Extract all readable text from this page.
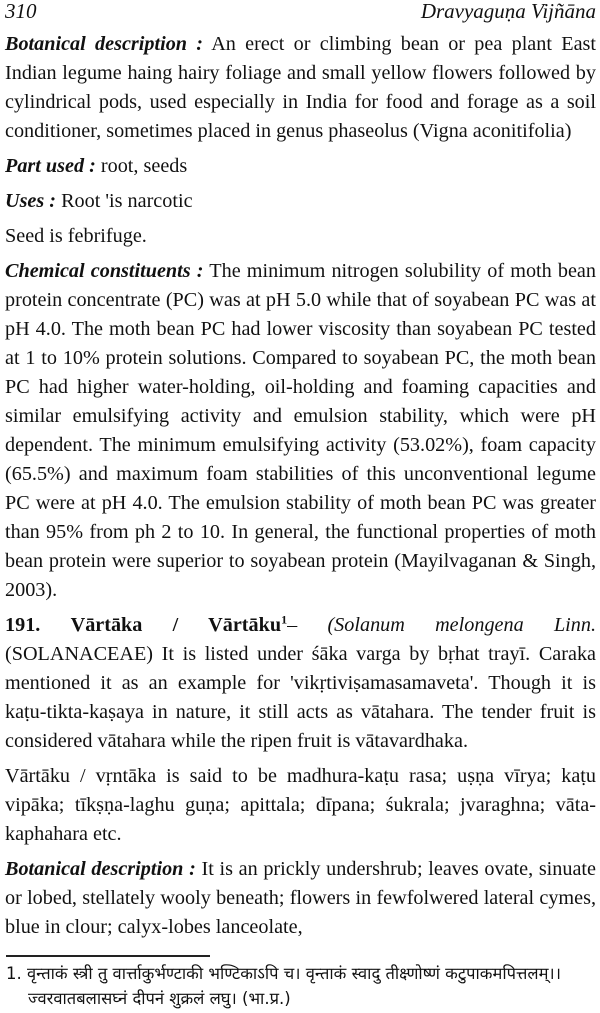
310	Dravyaguṇa Vijñāna

Botanical description : An erect or climbing bean or pea plant East Indian legume haing hairy foliage and small yellow flowers followed by cylindrical pods, used especially in India for food and forage as a soil conditioner, sometimes placed in genus phaseolus (Vigna aconitifolia)

Part used : root, seeds

Uses : Root 'is narcotic

Seed is febrifuge.

Chemical constituents : The minimum nitrogen solubility of moth bean protein concentrate (PC) was at pH 5.0 while that of soyabean PC was at pH 4.0. The moth bean PC had lower viscosity than soyabean PC tested at 1 to 10% protein solutions. Compared to soyabean PC, the moth bean PC had higher water-holding, oil-holding and foaming capacities and similar emulsifying activity and emulsion stability, which were pH dependent. The minimum emulsifying activity (53.02%), foam capacity (65.5%) and maximum foam stabilities of this unconventional legume PC were at pH 4.0. The emulsion stability of moth bean PC was greater than 95% from ph 2 to 10. In general, the functional properties of moth bean protein were superior to soyabean protein (Mayilvaganan & Singh, 2003).

191. Vārtāka / Vārtāku$^1$– (Solanum melongena Linn. (SOLANACEAE) It is listed under śāka varga by bṛhat trayī. Caraka mentioned it as an example for 'vikṛtiviṣamasamaveta'. Though it is kaṭu-tikta-kaṣaya in nature, it still acts as vātahara. The tender fruit is considered vātahara while the ripen fruit is vātavardhaka.

Vārtāku / vṛntāka is said to be madhura-kaṭu rasa; uṣṇa vīrya; kaṭu vipāka; tīkṣṇa-laghu guṇa; apittala; dīpana; śukrala; jvaraghna; vāta-kaphahara etc.

Botanical description : It is an prickly undershrub; leaves ovate, sinuate or lobed, stellately wooly beneath; flowers in fewfolwered lateral cymes, blue in clour; calyx-lobes lanceolate,

1. वृन्ताकं स्त्री तु वार्त्ताकुर्भण्टाकी भण्टिकाऽपि च। वृन्ताकं स्वादु तीक्ष्णोष्णं कटुपाकमपित्तलम्।।
ज्वरवातबलासघ्नं दीपनं शुक्रलं लघु। (भा.प्र.)
